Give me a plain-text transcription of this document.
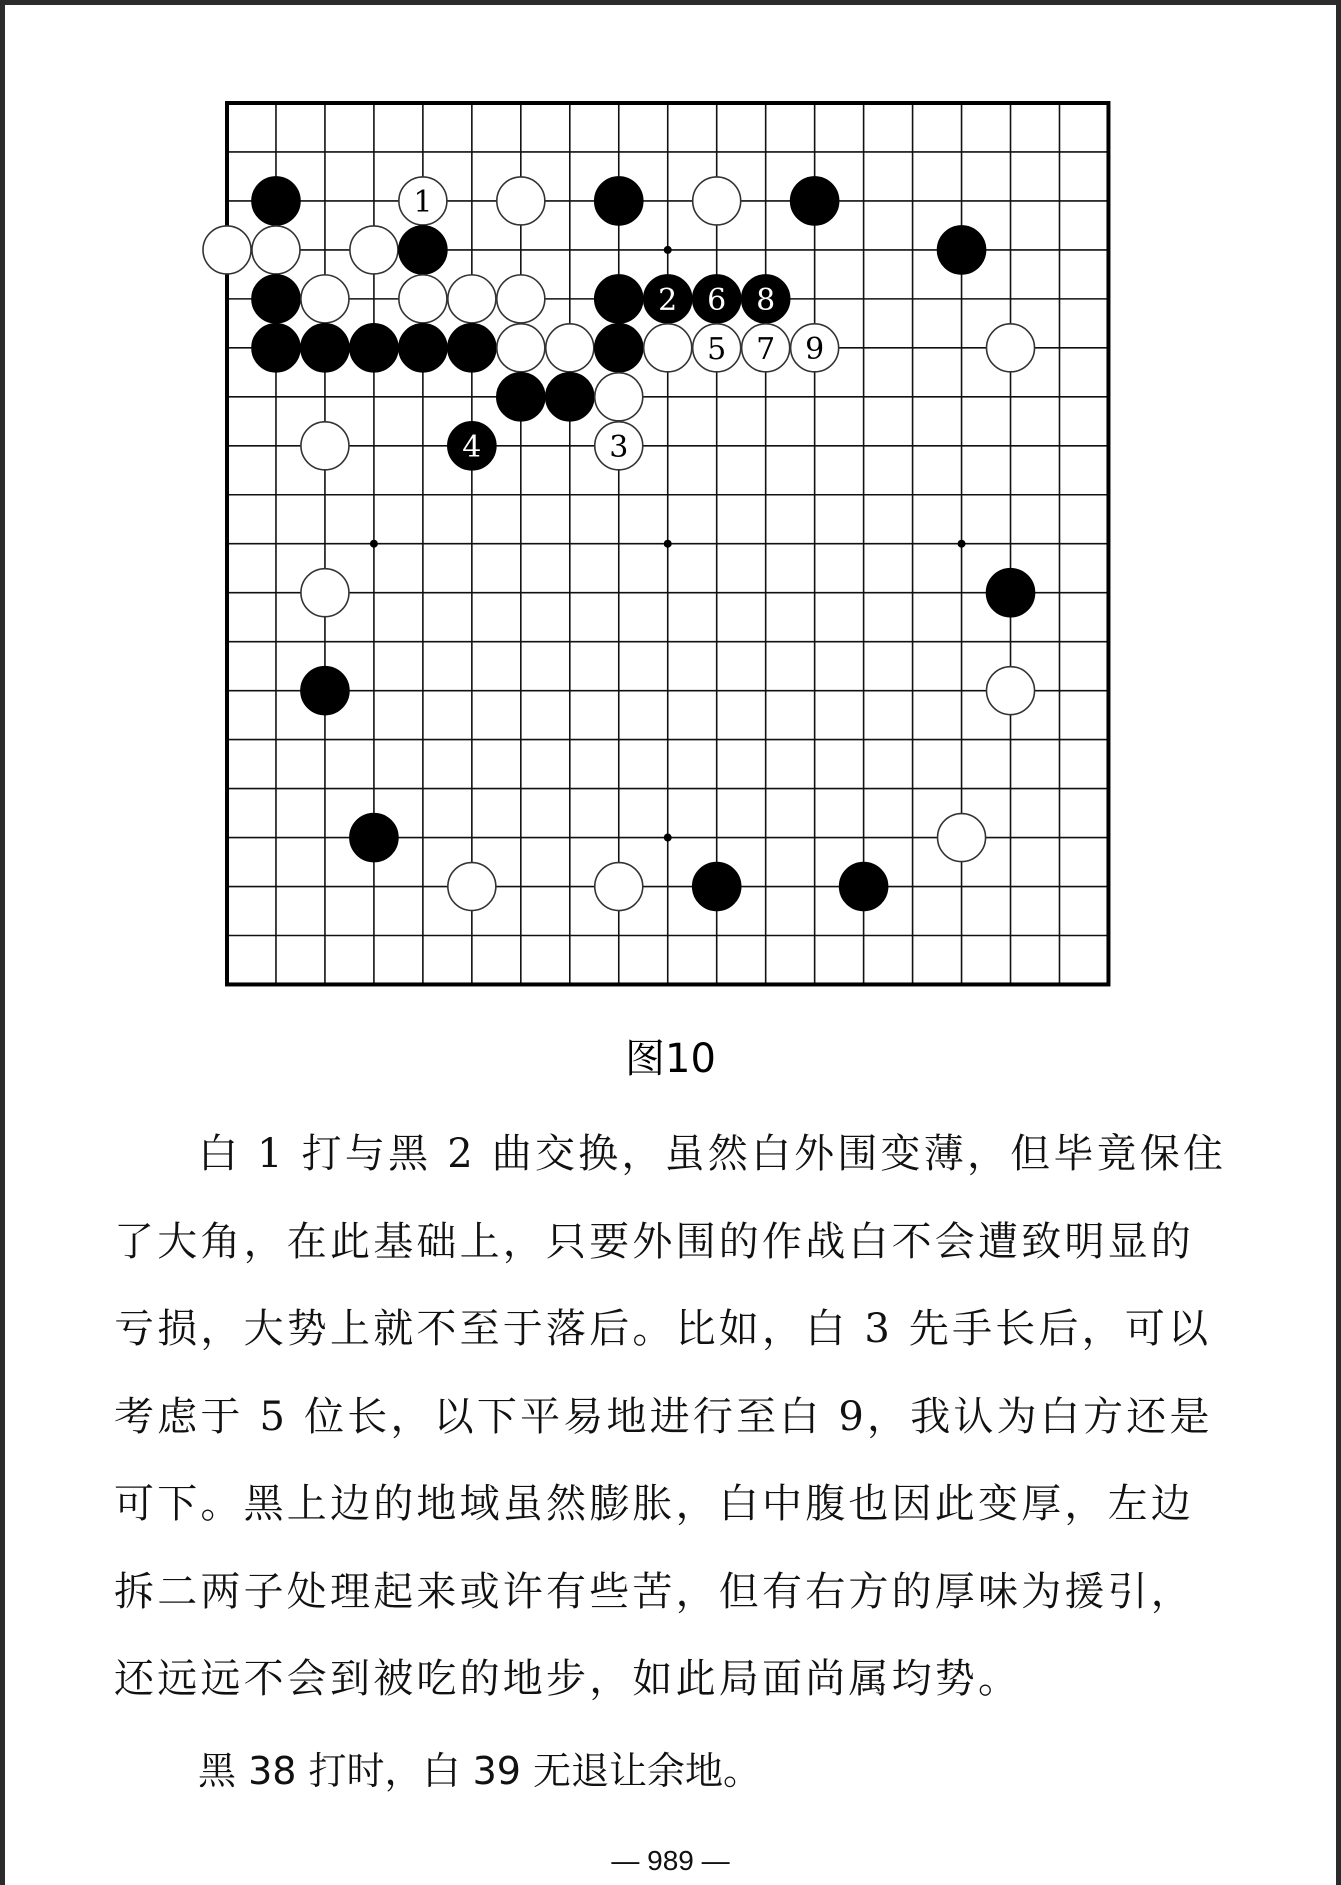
1
2 6 8
5 7 9
4	3
图10
白 1 打与黑 2 曲交换，虽然白外围变薄，但毕竟保住
了大角，在此基础上，只要外围的作战白不会遭致明显的
亏损，大势上就不至于落后。比如，白 3 先手长后，可以
考虑于 5 位长，以下平易地进行至白 9，我认为白方还是
可下。黑上边的地域虽然膨胀，白中腹也因此变厚，左边
拆二两子处理起来或许有些苦，但有右方的厚味为援引，
还远远不会到被吃的地步，如此局面尚属均势。
黑 38 打时，白 39 无退让余地。
— 989 —
